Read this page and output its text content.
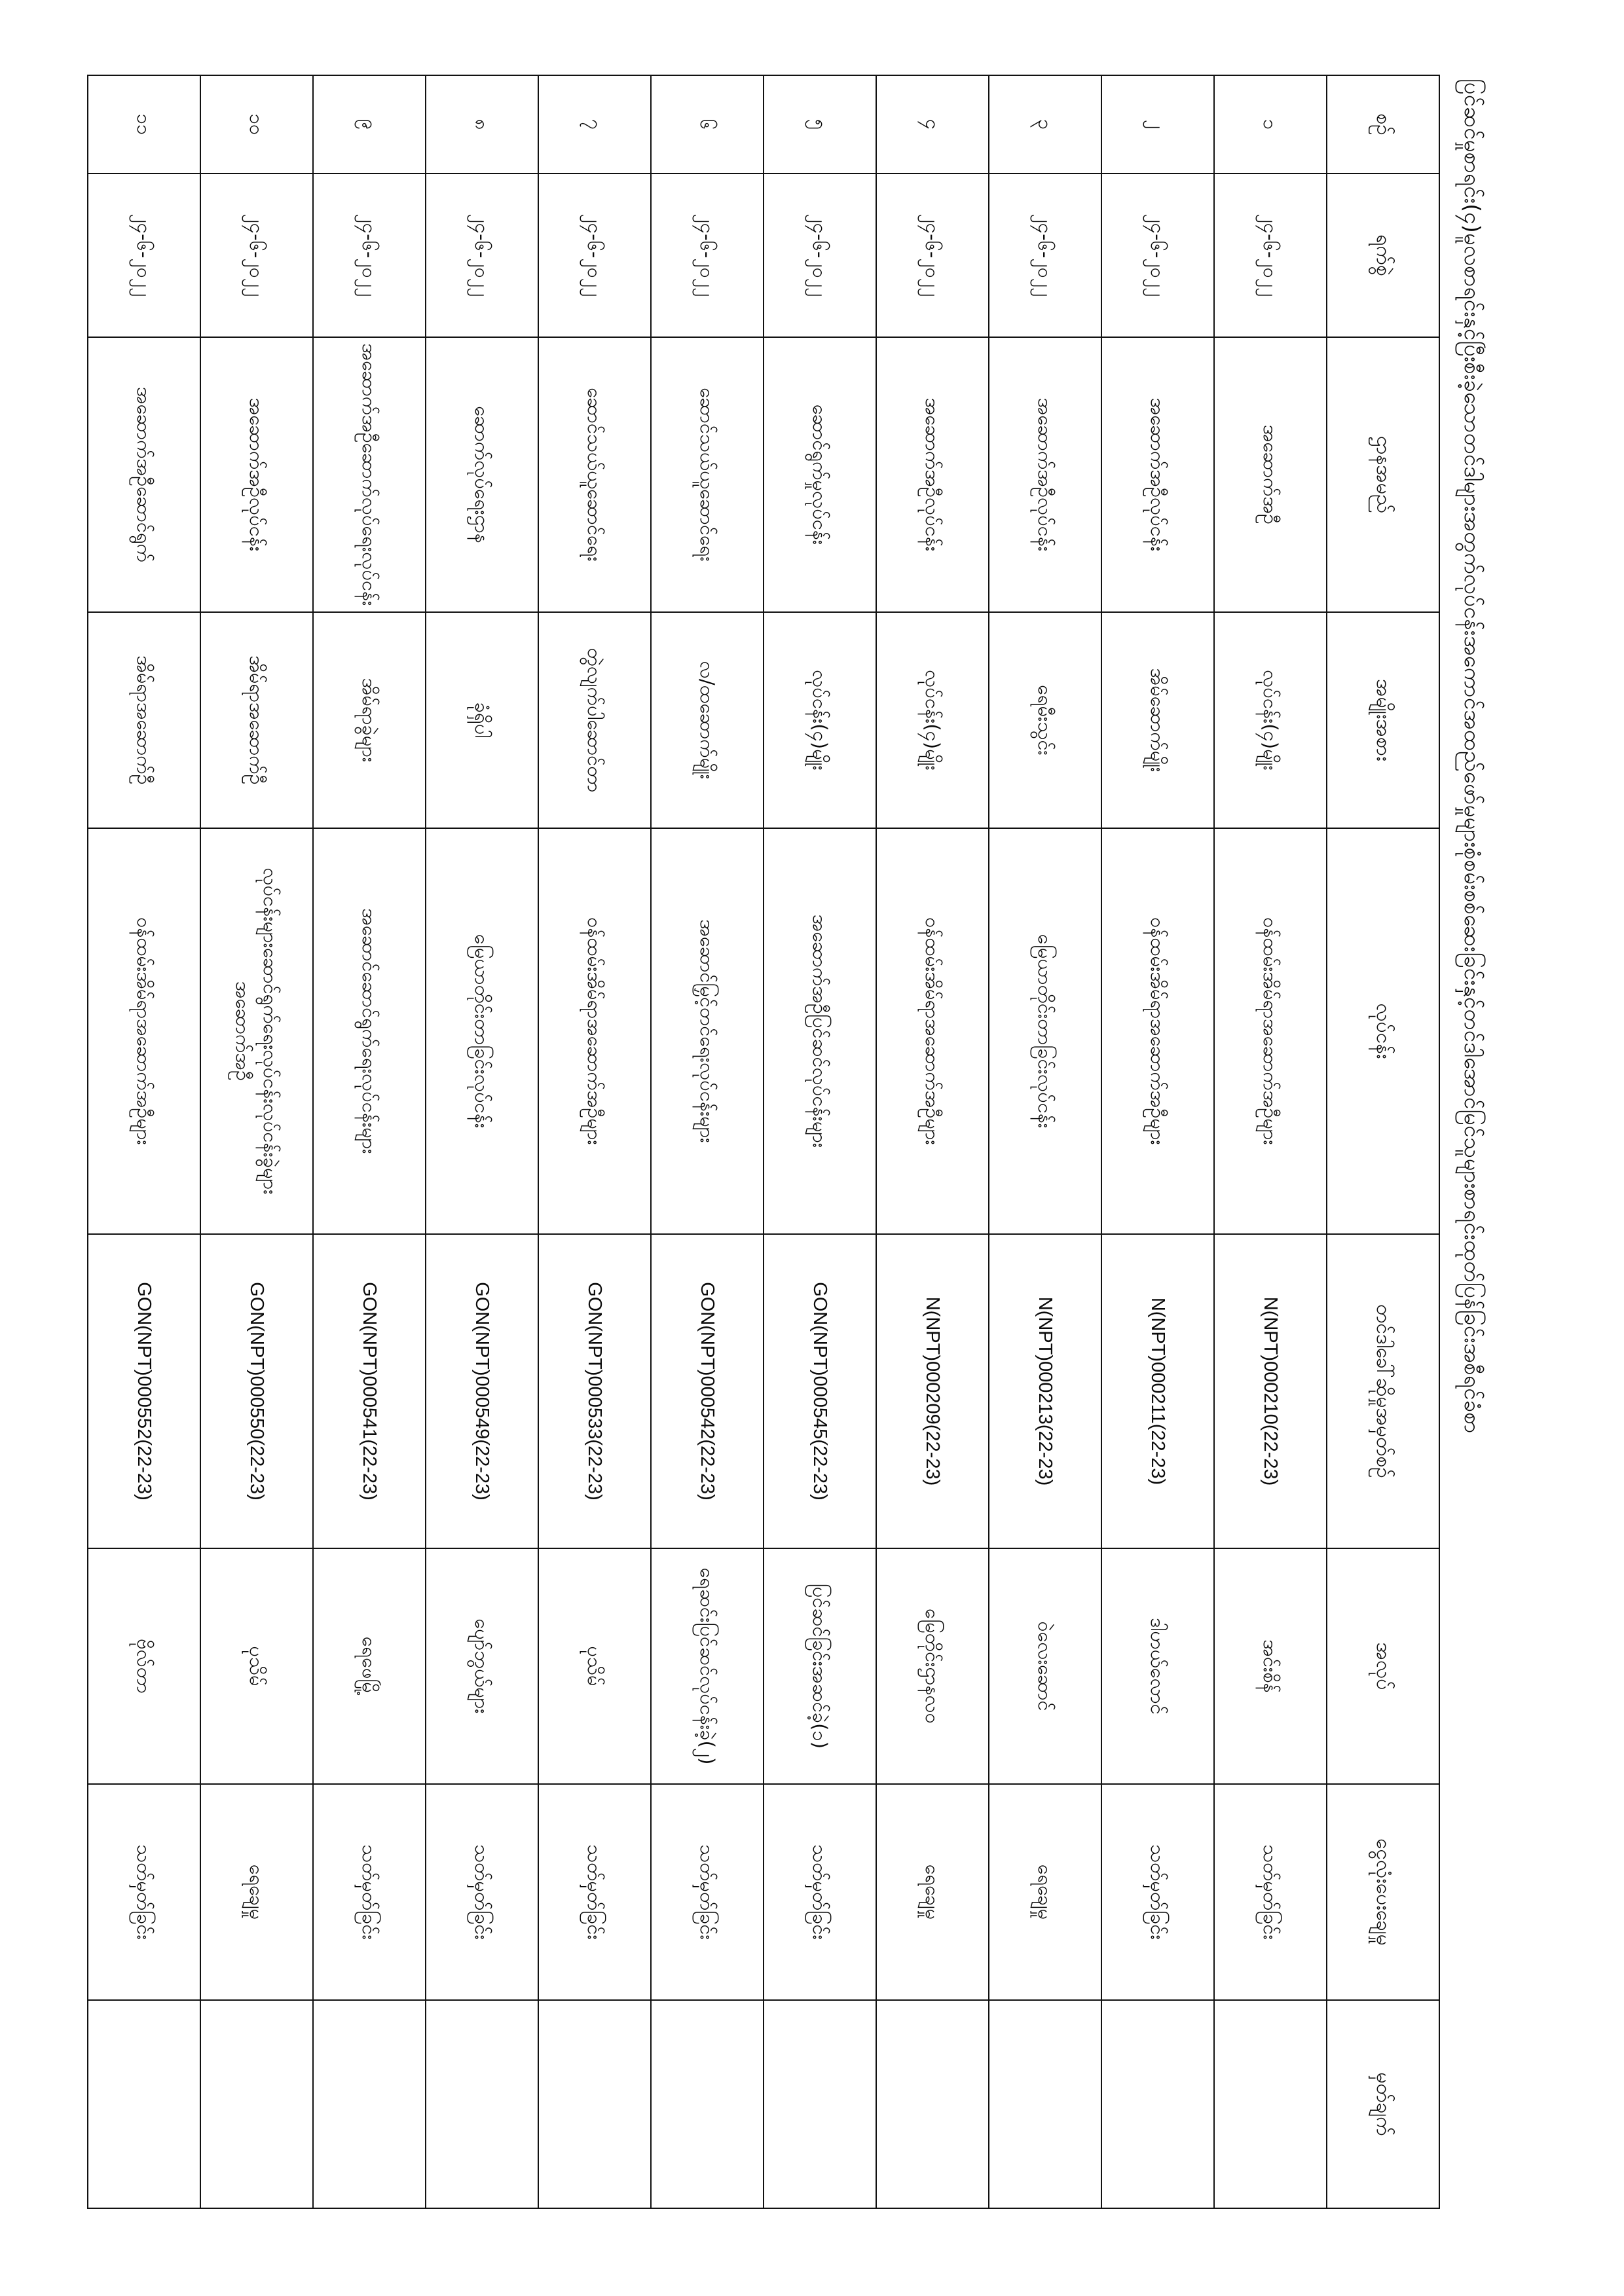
ပြင်ဆင်မှုစာရင်း(၄)မူလစာရင်းနှင့်ပြီးစီးခဲ့သောတင်ဒါများအတွက်လုပ်ငန်းအကောင်အထည်ဖော်မှုများစုံစမ်းစစ်ဆေးခြင်းနှင့်တင်ဒါအောင်မြင်သူများစာရင်းထုတ်ပြန်ခြင်းအစီရင်ခံစာ
စဉ်	ရက်စွဲ	ဌာနအမည်	အမျိုးအစား	လုပ်ငန်း	တင်ဒါခေါ်ဆိုမှုအမှတ်စဉ်	အလုပ်	ငွေလုံးပေးချေမှု	မှတ်ချက်
၁	၂၄-၆-၂၀၂၂	အဆောက်အဦ	လုပ်ငန်း(၄)မျိုး	ဝန်ထမ်းအိမ်ရာအဆောက်အဦများ	N(NPT)000210(22-23)	အင်းစိန်	သတ်မှတ်ခြင်း	
၂	၂၄-၆-၂၀၂၂	အဆောက်အဦလုပ်ငန်း	အိမ်ဆောက်မျိုး	ဝန်ထမ်းအိမ်ရာအဆောက်အဦများ	N(NPT)000211(22-23)	ဒါဟယ်လောင်	သတ်မှတ်ခြင်း	
၃	၂၄-၆-၂၀၂၂	အဆောက်အဦလုပ်ငန်း	ရေမီးသွင်း	မြေယာတိုင်းတာခြင်းလုပ်ငန်း	N(NPT)000213(22-23)	ဝဲလေးဆောင်	ရေချေမှု	
၄	၂၄-၆-၂၀၂၂	အဆောက်အဦလုပ်ငန်း	လုပ်ငန်း(၄)မျိုး	ဝန်ထမ်းအိမ်ရာအဆောက်အဦများ	N(NPT)000209(22-23)	မြေတိုင်းဌာနလ၀	ရေချေမှု	
၅	၂၄-၆-၂၀၂၂	ဆောင်ရွက်မှုလုပ်ငန်း	လုပ်ငန်း(၄)မျိုး	အဆောက်အဦပြင်ဆင်လုပ်ငန်းများ	GON(NPT)000545(22-23)	ပြင်ဆင်ခြင်းအဆင်ခဲ့(၁)	သတ်မှတ်ခြင်း	
၆	၂၄-၆-၂၀၂၂	ဆောင်သယ်ယူဆောင်ရေး	လ/ထဆောက်မျိုး	အဆောင်မြှင့်တင်ရေးလုပ်ငန်းများ	GON(NPT)000542(22-23)	ရေဆင်းပြင်ဆင်လုပ်ငန်းခဲ့(၂)	သတ်မှတ်ခြင်း	
၇	၂၄-၆-၂၀၂၂	ဆောင်သယ်ယူဆောင်ရေး	တွဲလျက်ပါဆောင်တာ	ဝန်ထမ်းအိမ်ရာအဆောက်အဦများ	GON(NPT)000533(22-23)	ပုသိမ်	သတ်မှတ်ခြင်း	
၈	၂၄-၆-၂၀၂၂	ဆောက်လုပ်ရေးဌာန	ခုံရှိပါ	မြေယာတိုင်းတာခြင်းလုပ်ငန်း	GON(NPT)000549(22-23)	ပျော်ဘွယ်များ	သတ်မှတ်ခြင်း	
၉	၂၄-၆-၂၀၂၂	အဆောက်အဦဆောက်လုပ်ရေးလုပ်ငန်း	အိမ်ရာခွဲများ	အဆောင်ဆောင်ရွက်ရေးလုပ်ငန်းများ	GON(NPT)000541(22-23)	ရေဖေမြို့	သတ်မှတ်ခြင်း	
၁၀	၂၄-၆-၂၀၂၂	အဆောက်အဦလုပ်ငန်း	အိမ်ရာအဆောက်ဦ	လုပ်ငန်းများဆောင်ရွက်ရေးလုပ်ငန်းလုပ်ငန်းခွဲများ အဆောက်အဦ	GON(NPT)000550(22-23)	ပုသိမ်	ရေချေမှု	
၁၁	၂၄-၆-၂၀၂၂	အဆောက်အဦဆောင်ရွက်	အိမ်ရာအဆောက်ဦ	ဝန်ထမ်းအိမ်ရာအဆောက်အဦများ	GON(NPT)000552(22-23)	ဗိုလ်တာ	သတ်မှတ်ခြင်း	
